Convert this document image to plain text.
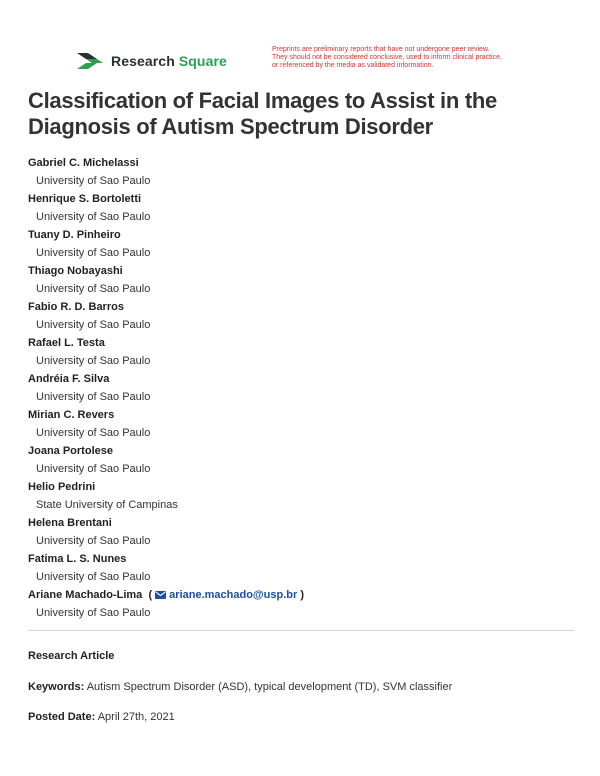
Research Square

Preprints are preliminary reports that have not undergone peer review.

They should not be considered conclusive, used to inform clinical practice,

or referenced by the media as validated information.

Classification of Facial Images to Assist in the Diagnosis of Autism Spectrum Disorder
Gabriel C. Michelassi
University of Sao Paulo
Henrique S. Bortoletti
University of Sao Paulo
Tuany D. Pinheiro
University of Sao Paulo
Thiago Nobayashi
University of Sao Paulo
Fabio R. D. Barros
University of Sao Paulo
Rafael L. Testa
University of Sao Paulo
Andréia F. Silva
University of Sao Paulo
Mirian C. Revers
University of Sao Paulo
Joana Portolese
University of Sao Paulo
Helio Pedrini
State University of Campinas
Helena Brentani
University of Sao Paulo
Fatima L. S. Nunes
University of Sao Paulo
Ariane Machado-Lima ( ariane.machado@usp.br )
University of Sao Paulo
Research Article
Keywords: Autism Spectrum Disorder (ASD), typical development (TD), SVM classifier
Posted Date: April 27th, 2021
